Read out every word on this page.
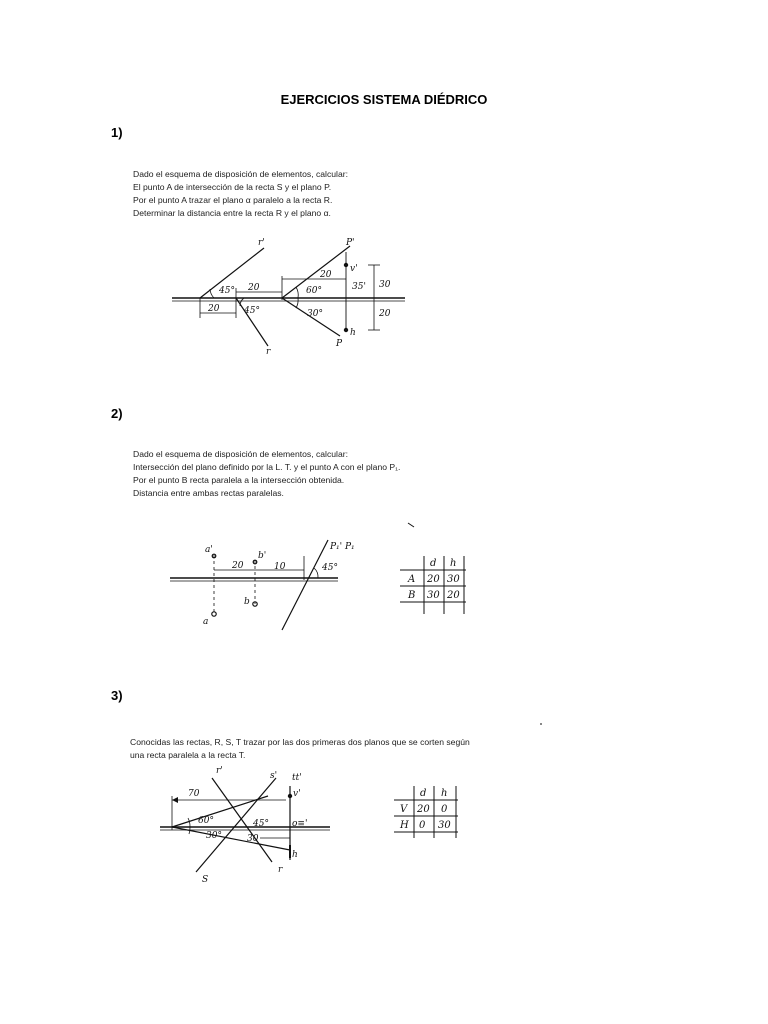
EJERCICIOS SISTEMA DIÉDRICO
1)
Dado el esquema de disposición de elementos, calcular:
El punto A de intersección de la recta S y el plano P.
Por el punto A trazar el plano α paralelo a la recta R.
Determinar la distancia entre la recta R y el plano α.
2)
Dado el esquema de disposición de elementos, calcular:
Intersección del plano definido por la L. T. y el punto A con el plano P₁.
Por el punto B recta paralela a la intersección obtenida.
Distancia entre ambas rectas paralelas.
3)
Conocidas las rectas, R, S, T trazar por las dos primeras dos planos que se corten según
una recta paralela a la recta T.
r'
r
P'
P
v'
h
20
20
20
30
20
35'
45°
45°
60°
30°
a'
b'
a
b
20	10	45°
P₁' P₁
d h
A 20 30
B 30 20
r'	s' tt'
v'
h
S
r
o≡'
70
60°
30°
45°
30
d h
V 20 0
H 0 30
